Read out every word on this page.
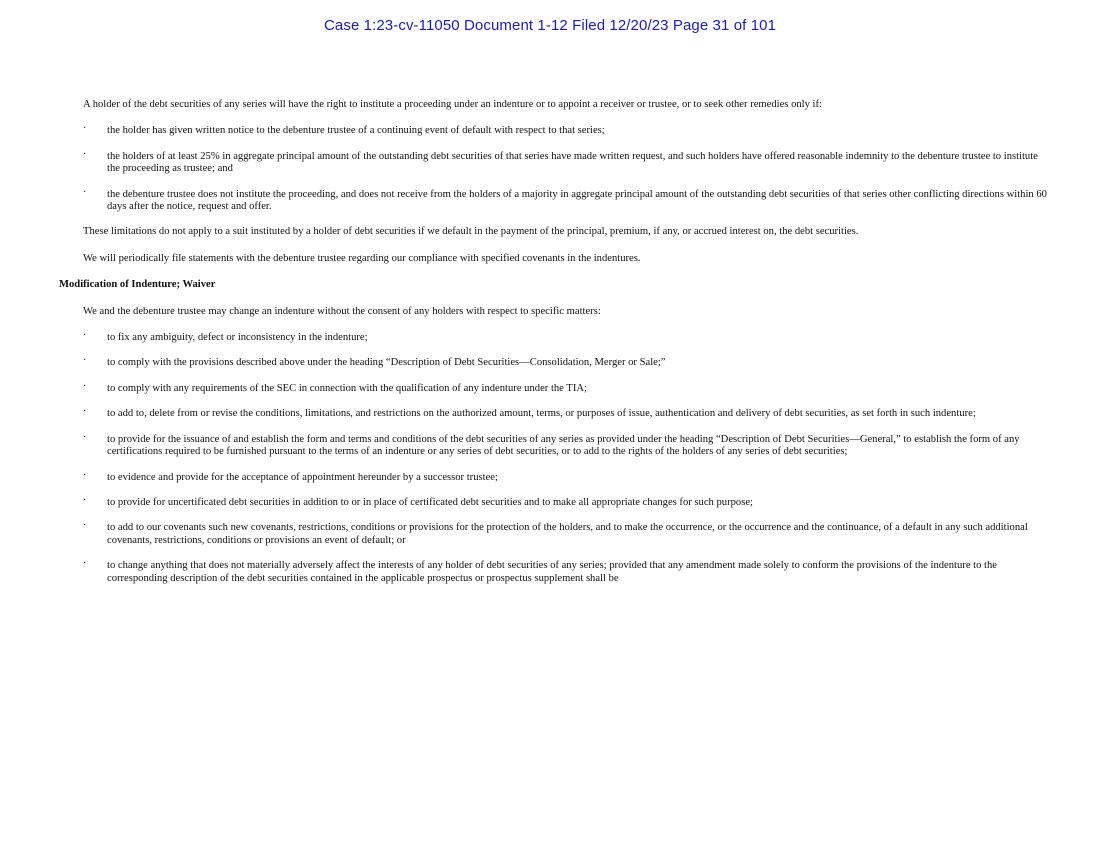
Case 1:23-cv-11050 Document 1-12 Filed 12/20/23 Page 31 of 101

A holder of the debt securities of any series will have the right to institute a proceeding under an indenture or to appoint a receiver or trustee, or to seek other remedies only if:

· the holder has given written notice to the debenture trustee of a continuing event of default with respect to that series;
· the holders of at least 25% in aggregate principal amount of the outstanding debt securities of that series have made written request, and such holders have offered reasonable indemnity to the debenture trustee to institute the proceeding as trustee; and
· the debenture trustee does not institute the proceeding, and does not receive from the holders of a majority in aggregate principal amount of the outstanding debt securities of that series other conflicting directions within 60 days after the notice, request and offer.

These limitations do not apply to a suit instituted by a holder of debt securities if we default in the payment of the principal, premium, if any, or accrued interest on, the debt securities.

We will periodically file statements with the debenture trustee regarding our compliance with specified covenants in the indentures.

Modification of Indenture; Waiver

We and the debenture trustee may change an indenture without the consent of any holders with respect to specific matters:

· to fix any ambiguity, defect or inconsistency in the indenture;
· to comply with the provisions described above under the heading “Description of Debt Securities—Consolidation, Merger or Sale;”
· to comply with any requirements of the SEC in connection with the qualification of any indenture under the TIA;
· to add to, delete from or revise the conditions, limitations, and restrictions on the authorized amount, terms, or purposes of issue, authentication and delivery of debt securities, as set forth in such indenture;
· to provide for the issuance of and establish the form and terms and conditions of the debt securities of any series as provided under the heading “Description of Debt Securities—General,” to establish the form of any certifications required to be furnished pursuant to the terms of an indenture or any series of debt securities, or to add to the rights of the holders of any series of debt securities;
· to evidence and provide for the acceptance of appointment hereunder by a successor trustee;
· to provide for uncertificated debt securities in addition to or in place of certificated debt securities and to make all appropriate changes for such purpose;
· to add to our covenants such new covenants, restrictions, conditions or provisions for the protection of the holders, and to make the occurrence, or the occurrence and the continuance, of a default in any such additional covenants, restrictions, conditions or provisions an event of default; or
· to change anything that does not materially adversely affect the interests of any holder of debt securities of any series; provided that any amendment made solely to conform the provisions of the indenture to the corresponding description of the debt securities contained in the applicable prospectus or prospectus supplement shall be
